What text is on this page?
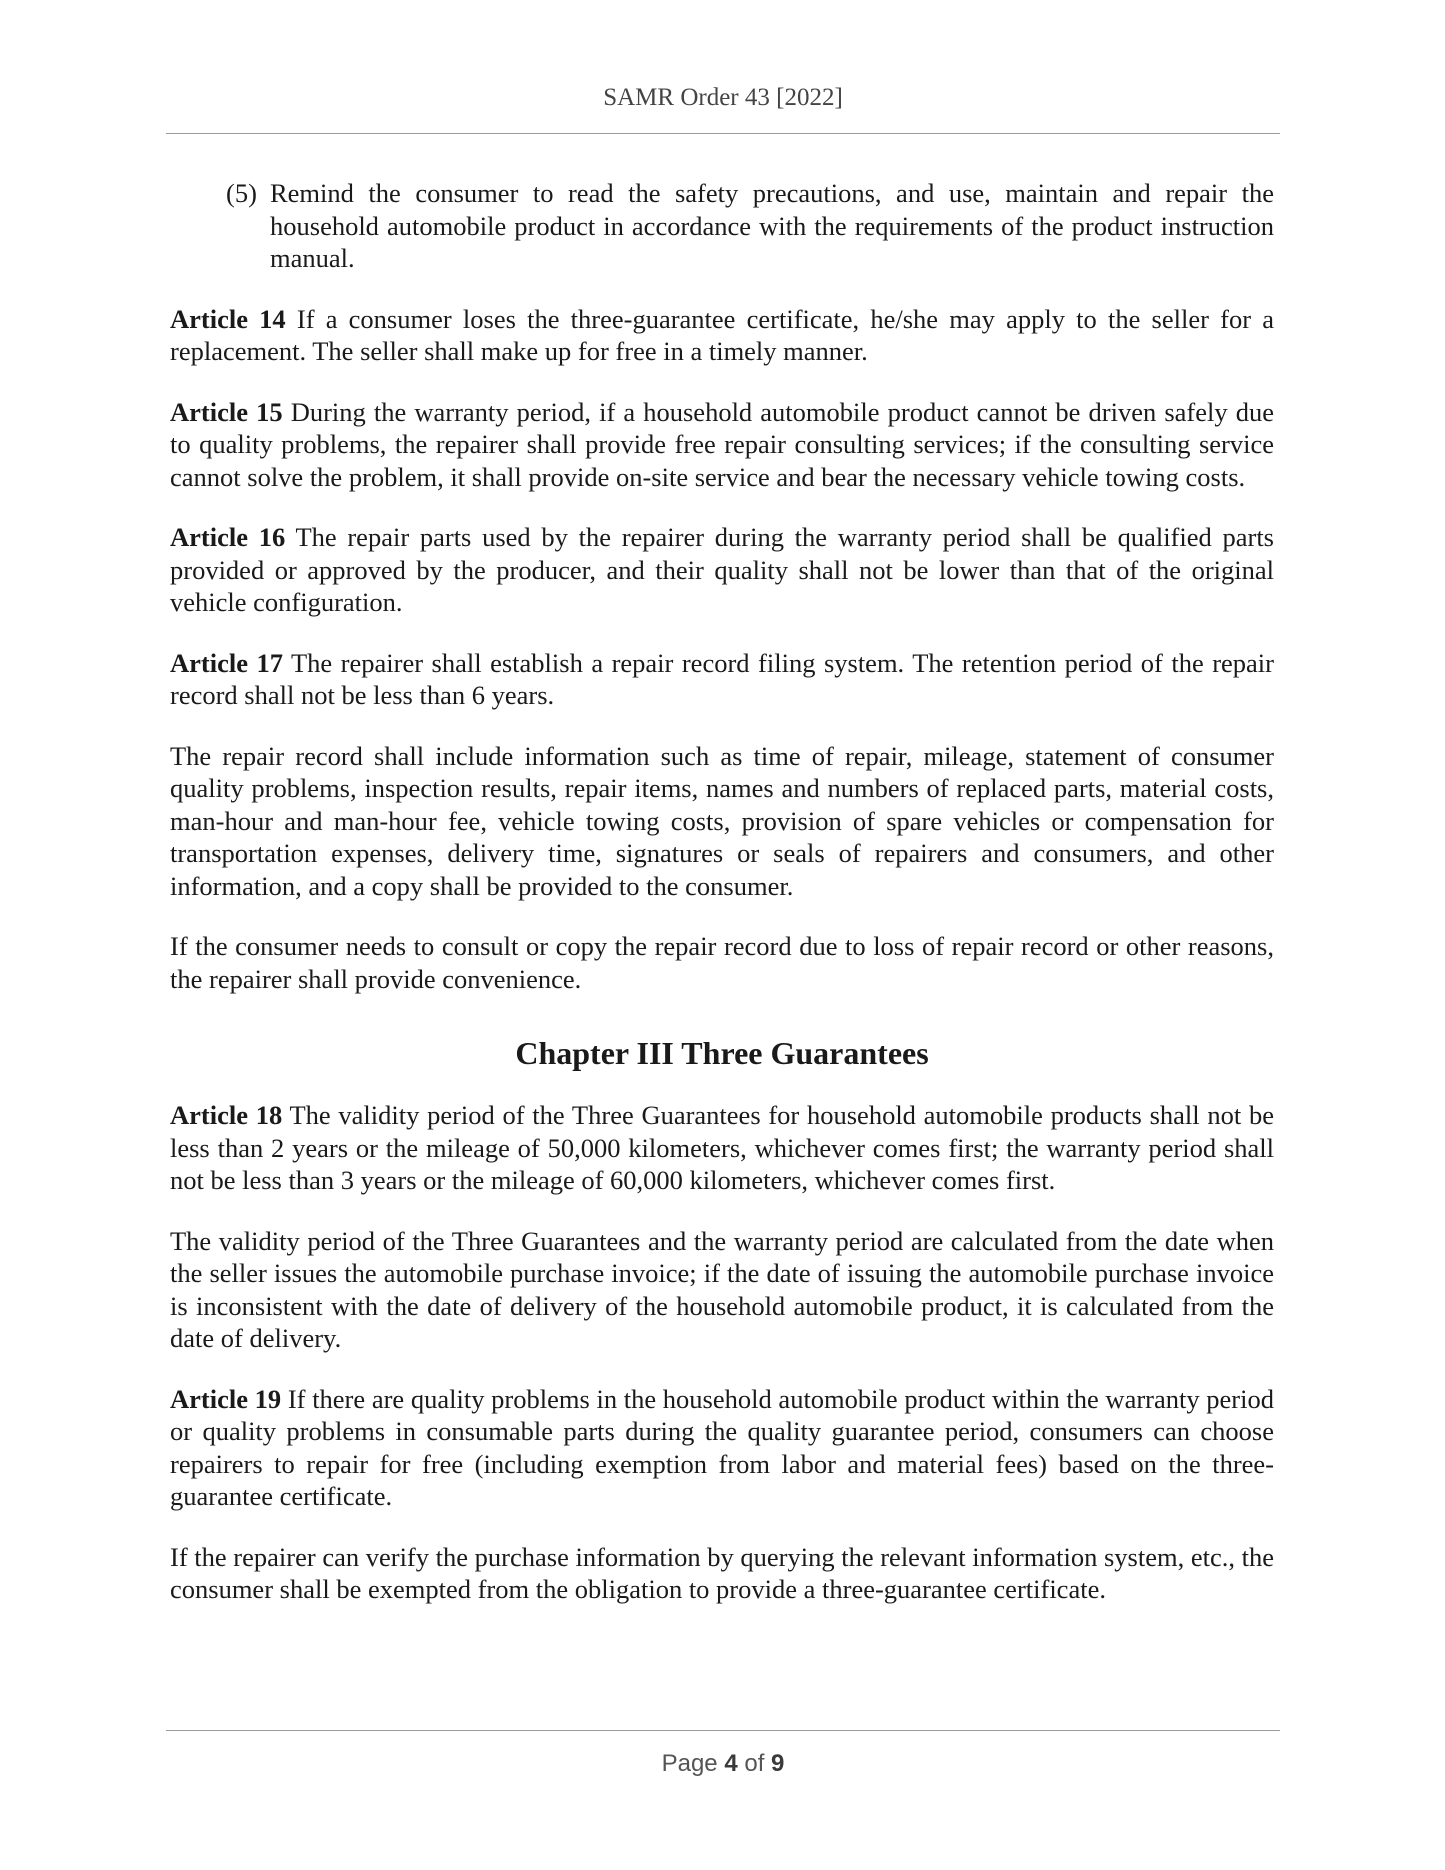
SAMR Order 43 [2022]
(5) Remind the consumer to read the safety precautions, and use, maintain and repair the household automobile product in accordance with the requirements of the product instruction manual.

Article 14 If a consumer loses the three-guarantee certificate, he/she may apply to the seller for a replacement. The seller shall make up for free in a timely manner.

Article 15 During the warranty period, if a household automobile product cannot be driven safely due to quality problems, the repairer shall provide free repair consulting services; if the consulting service cannot solve the problem, it shall provide on-site service and bear the necessary vehicle towing costs.

Article 16 The repair parts used by the repairer during the warranty period shall be qualified parts provided or approved by the producer, and their quality shall not be lower than that of the original vehicle configuration.

Article 17 The repairer shall establish a repair record filing system. The retention period of the repair record shall not be less than 6 years.

The repair record shall include information such as time of repair, mileage, statement of consumer quality problems, inspection results, repair items, names and numbers of replaced parts, material costs, man-hour and man-hour fee, vehicle towing costs, provision of spare vehicles or compensation for transportation expenses, delivery time, signatures or seals of repairers and consumers, and other information, and a copy shall be provided to the consumer.

If the consumer needs to consult or copy the repair record due to loss of repair record or other reasons, the repairer shall provide convenience.

Chapter III Three Guarantees

Article 18 The validity period of the Three Guarantees for household automobile products shall not be less than 2 years or the mileage of 50,000 kilometers, whichever comes first; the warranty period shall not be less than 3 years or the mileage of 60,000 kilometers, whichever comes first.

The validity period of the Three Guarantees and the warranty period are calculated from the date when the seller issues the automobile purchase invoice; if the date of issuing the automobile purchase invoice is inconsistent with the date of delivery of the household automobile product, it is calculated from the date of delivery.

Article 19 If there are quality problems in the household automobile product within the warranty period or quality problems in consumable parts during the quality guarantee period, consumers can choose repairers to repair for free (including exemption from labor and material fees) based on the three-guarantee certificate.

If the repairer can verify the purchase information by querying the relevant information system, etc., the consumer shall be exempted from the obligation to provide a three-guarantee certificate.

Page 4 of 9
